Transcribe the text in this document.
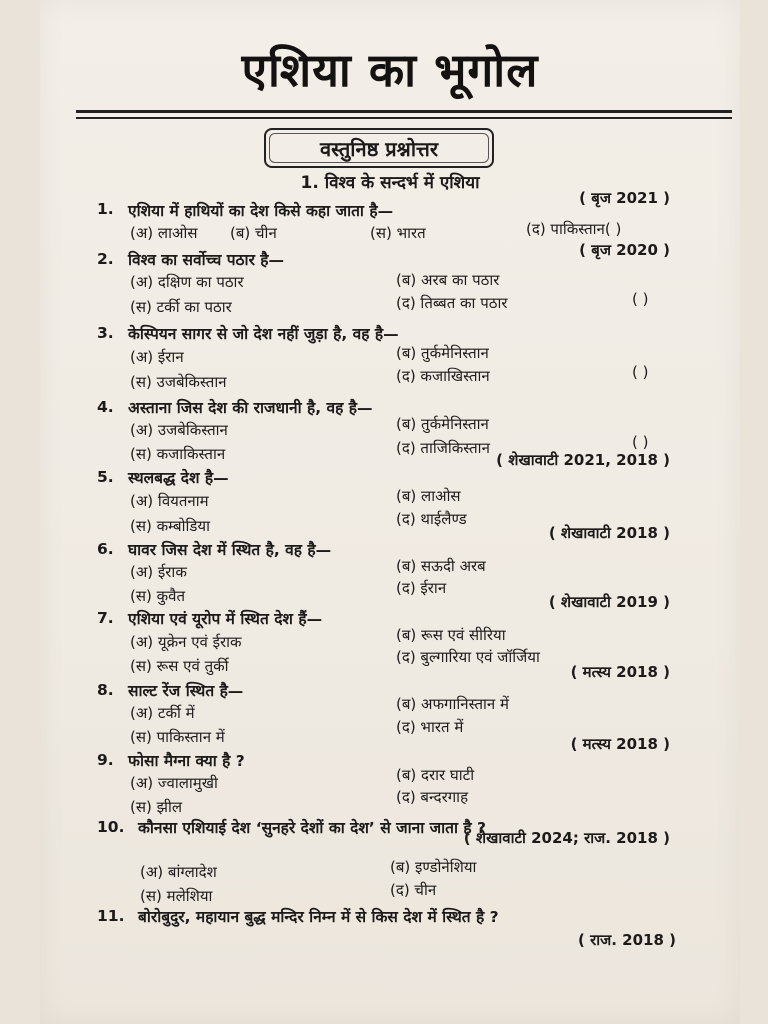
एशिया का भूगोल
वस्तुनिष्ठ प्रश्नोत्तर
1. विश्व के सन्दर्भ में एशिया
1. एशिया में हाथियों का देश किसे कहा जाता है—
( बृज 2021 )
(अ) लाओस (ब) चीन	(स) भारत	(द) पाकिस्तान( )
( बृज 2020 )
2. विश्व का सर्वोच्च पठार है—
(अ) दक्षिण का पठार	(ब) अरब का पठार
(स) टर्की का पठार	(द) तिब्बत का पठार	( )
3. केस्पियन सागर से जो देश नहीं जुड़ा है, वह है—
(अ) ईरान	(ब) तुर्कमेनिस्तान
(स) उजबेकिस्तान	(द) कजाखिस्तान	( )
4. अस्ताना जिस देश की राजधानी है, वह है—
(अ) उजबेकिस्तान	(ब) तुर्कमेनिस्तान
(स) कजाकिस्तान	(द) ताजिकिस्तान	( )
( शेखावाटी 2021, 2018 )
5. स्थलबद्ध देश है—
(अ) वियतनाम	(ब) लाओस
(स) कम्बोडिया	(द) थाईलैण्ड
( शेखावाटी 2018 )
6. घावर जिस देश में स्थित है, वह है—
(अ) ईराक	(ब) सऊदी अरब
(स) कुवैत	(द) ईरान
( शेखावाटी 2019 )
7. एशिया एवं यूरोप में स्थित देश हैं—
(अ) यूक्रेन एवं ईराक	(ब) रूस एवं सीरिया
(स) रूस एवं तुर्की	(द) बुल्गारिया एवं जॉर्जिया
( मत्स्य 2018 )
8. साल्ट रेंज स्थित है—
(अ) टर्की में	(ब) अफगानिस्तान में
(स) पाकिस्तान में
(द) भारत में
( मत्स्य 2018 )
9. फोसा मैग्ना क्या है ?
(अ) ज्वालामुखी	(ब) दरार घाटी
(स) झील
(द) बन्दरगाह
10. कौनसा एशियाई देश ‘सुनहरे देशों का देश’ से जाना जाता है ?
( शेखावाटी 2024; राज. 2018 )
(अ) बांग्लादेश	(ब) इण्डोनेशिया
(स) मलेशिया	(द) चीन
11. बोरोबुदुर, महायान बुद्ध मन्दिर निम्न में से किस देश में स्थित है ?
( राज. 2018 )
